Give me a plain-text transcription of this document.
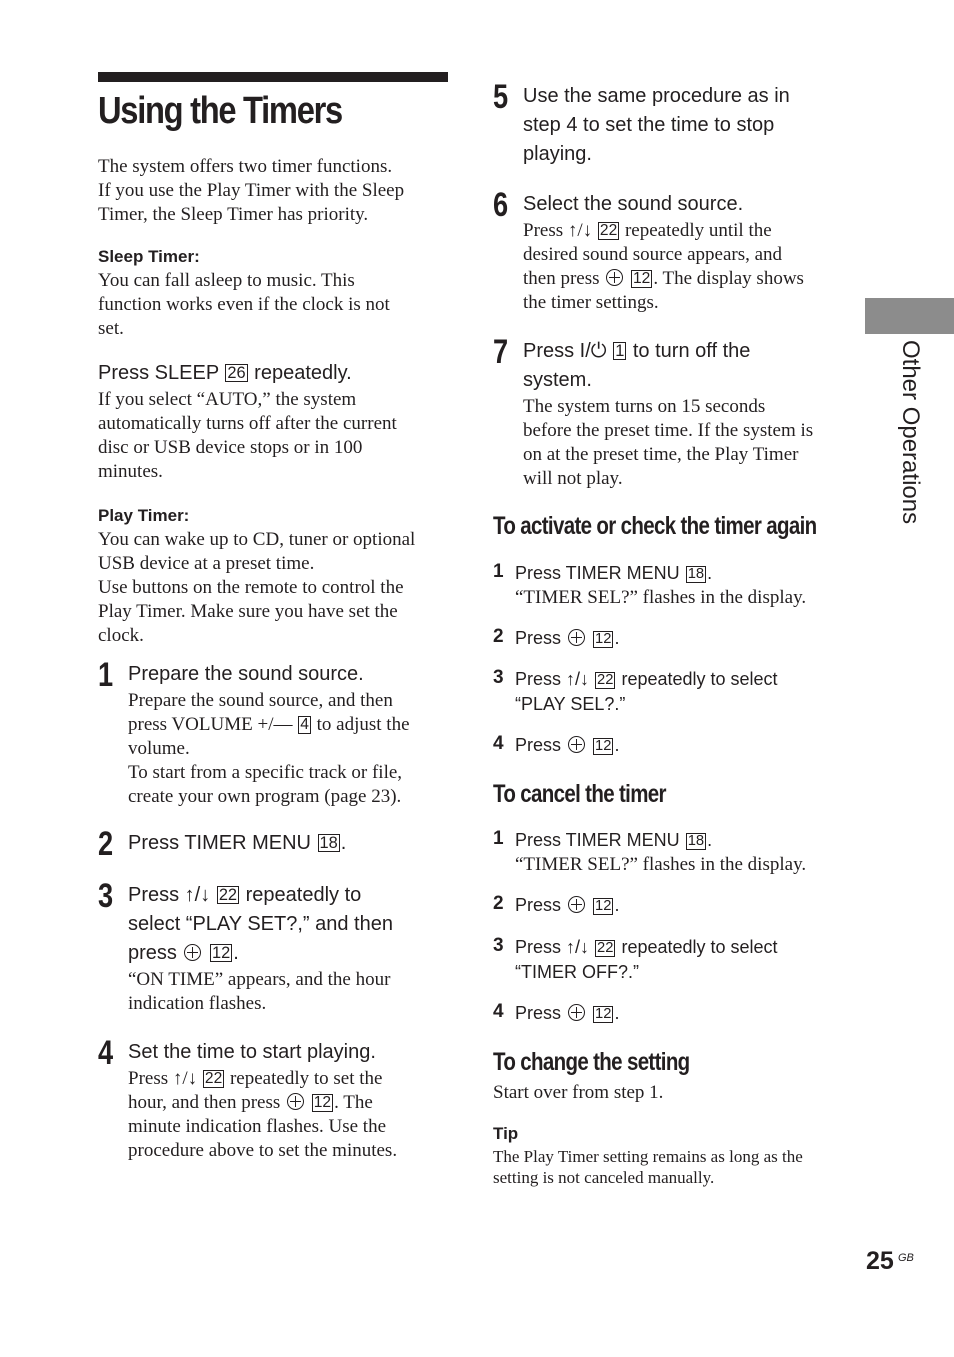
Using the Timers

The system offers two timer functions.

If you use the Play Timer with the Sleep

Timer, the Sleep Timer has priority.

Sleep Timer:

You can fall asleep to music. This

function works even if the clock is not

set.

Press SLEEP 26 repeatedly.

If you select “AUTO,” the system

automatically turns off after the current

disc or USB device stops or in 100

minutes.

Play Timer:

You can wake up to CD, tuner or optional

USB device at a preset time.

Use buttons on the remote to control the

Play Timer. Make sure you have set the

clock.

1 Prepare the sound source.

Prepare the sound source, and then

press VOLUME +/— 4 to adjust the

volume.

To start from a specific track or file,

create your own program (page 23).

2 Press TIMER MENU 18 .

3 Press ↑/↓ 22 repeatedly to

select “PLAY SET?,” and then

press 12 .

“ON TIME” appears, and the hour

indication flashes.

4 Set the time to start playing.

Press ↑/↓ 22 repeatedly to set the

hour, and then press 12 . The

minute indication flashes. Use the

procedure above to set the minutes.

5 Use the same procedure as in

step 4 to set the time to stop

playing.

6 Select the sound source.

Press ↑/↓ 22 repeatedly until the

desired sound source appears, and

then press 12 . The display shows

the timer settings.

7 Press I/⏻ 1 to turn off the

system.

The system turns on 15 seconds

before the preset time. If the system is

on at the preset time, the Play Timer

will not play.

To activate or check the timer again
1 Press TIMER MENU 18 .

“TIMER SEL?” flashes in the display.

2 Press 12 .

3 Press ↑/↓ 22 repeatedly to select

“PLAY SEL?.”

4 Press 12 .

To cancel the timer
1 Press TIMER MENU 18 .

“TIMER SEL?” flashes in the display.

2 Press 12 .

3 Press ↑/↓ 22 repeatedly to select

“TIMER OFF?.”

4 Press 12 .

To change the setting

Start over from step 1.

Tip

The Play Timer setting remains as long as the

setting is not canceled manually.

Other Operations
25 GB
